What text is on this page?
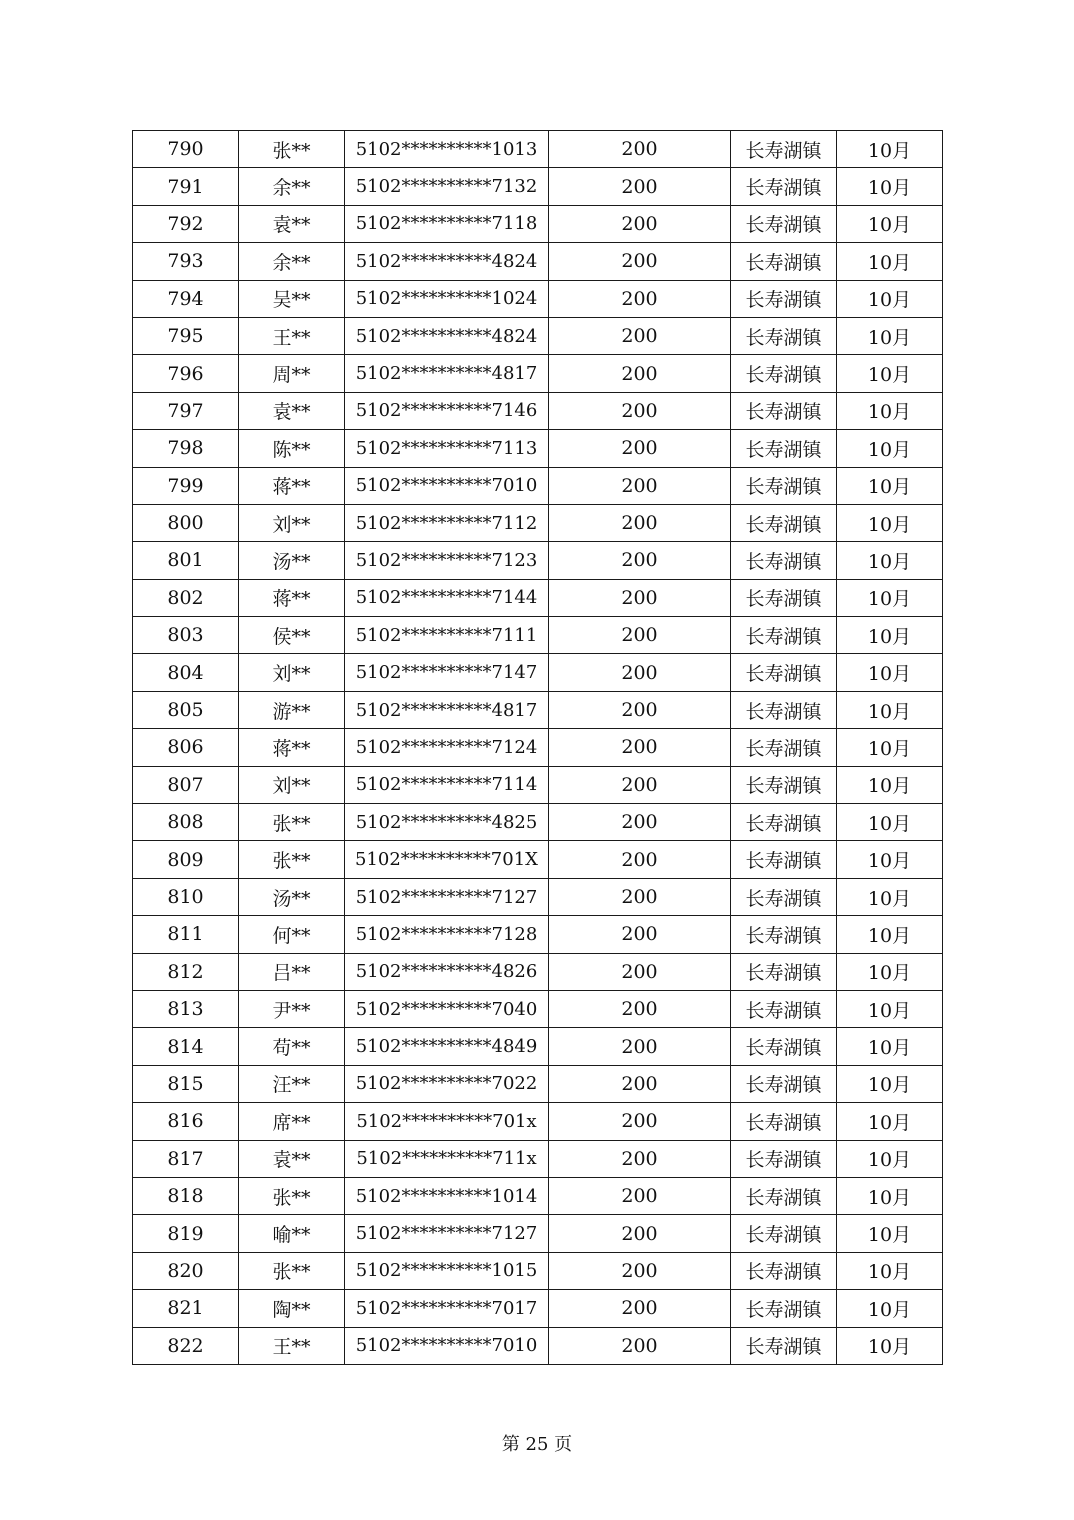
790	张**	5102**********1013	200	长寿湖镇	10月
791	余**	5102**********7132	200	长寿湖镇	10月
792	袁**	5102**********7118	200	长寿湖镇	10月
793	余**	5102**********4824	200	长寿湖镇	10月
794	吴**	5102**********1024	200	长寿湖镇	10月
795	王**	5102**********4824	200	长寿湖镇	10月
796	周**	5102**********4817	200	长寿湖镇	10月
797	袁**	5102**********7146	200	长寿湖镇	10月
798	陈**	5102**********7113	200	长寿湖镇	10月
799	蒋**	5102**********7010	200	长寿湖镇	10月
800	刘**	5102**********7112	200	长寿湖镇	10月
801	汤**	5102**********7123	200	长寿湖镇	10月
802	蒋**	5102**********7144	200	长寿湖镇	10月
803	侯**	5102**********7111	200	长寿湖镇	10月
804	刘**	5102**********7147	200	长寿湖镇	10月
805	游**	5102**********4817	200	长寿湖镇	10月
806	蒋**	5102**********7124	200	长寿湖镇	10月
807	刘**	5102**********7114	200	长寿湖镇	10月
808	张**	5102**********4825	200	长寿湖镇	10月
809	张**	5102**********701X	200	长寿湖镇	10月
810	汤**	5102**********7127	200	长寿湖镇	10月
811	何**	5102**********7128	200	长寿湖镇	10月
812	吕**	5102**********4826	200	长寿湖镇	10月
813	尹**	5102**********7040	200	长寿湖镇	10月
814	苟**	5102**********4849	200	长寿湖镇	10月
815	汪**	5102**********7022	200	长寿湖镇	10月
816	席**	5102**********701x	200	长寿湖镇	10月
817	袁**	5102**********711x	200	长寿湖镇	10月
818	张**	5102**********1014	200	长寿湖镇	10月
819	喻**	5102**********7127	200	长寿湖镇	10月
820	张**	5102**********1015	200	长寿湖镇	10月
821	陶**	5102**********7017	200	长寿湖镇	10月
822	王**	5102**********7010	200	长寿湖镇	10月
第 25 页
